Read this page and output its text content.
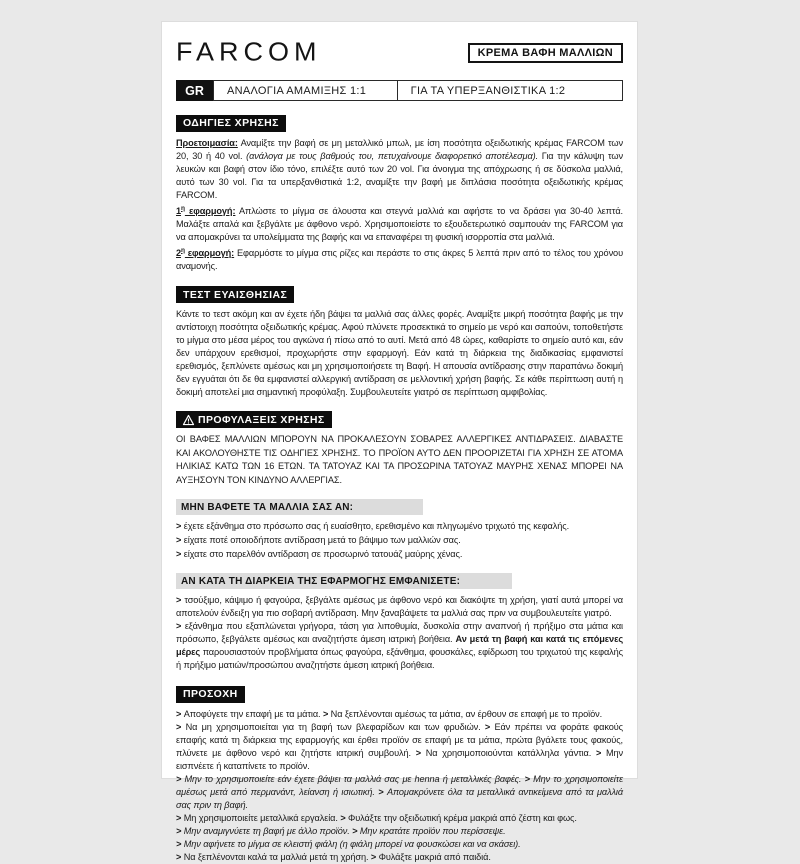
FARCOM	ΚΡΕΜΑ ΒΑΦΗ ΜΑΛΛΙΩΝ
GR	ΑΝΑΛΟΓΙΑ ΑΜΑΜΙΞΗΣ 1:1	ΓΙΑ ΤΑ ΥΠΕΡΞΑΝΘΙΣΤΙΚΑ 1:2
ΟΔΗΓΙΕΣ ΧΡΗΣΗΣ

Προετοιμασία: Αναμίξτε την βαφή σε μη μεταλλικό μπωλ, με ίση ποσότητα οξειδωτικής κρέμας FARCOM των 20, 30 ή 40 vol. (ανάλογα με τους βαθμούς του, πετυχαίνουμε διαφορετικό αποτέλεσμα). Για την κάλυψη των λευκών και βαφή στον ίδιο τόνο, επιλέξτε αυτό των 20 vol. Για άνοιγμα της απόχρωσης ή σε δύσκολα μαλλιά, αυτό των 30 vol. Για τα υπερξανθιστικά 1:2, αναμίξτε την βαφή με διπλάσια ποσότητα οξειδωτικής κρέμας FARCOM.

$1^\eta$ εφαρμογή: Απλώστε το μίγμα σε άλουστα και στεγνά μαλλιά και αφήστε το να δράσει για 30-40 λεπτά. Μαλάξτε απαλά και ξεβγάλτε με άφθονο νερό. Χρησιμοποιείστε το εξουδετερωτικό σαμπουάν της FARCOM για να απομακρύνει τα υπολείμματα της βαφής και να επαναφέρει τη φυσική ισορροπία στα μαλλιά.

$2^\eta$ εφαρμογή: Εφαρμόστε το μίγμα στις ρίζες και περάστε το στις άκρες 5 λεπτά πριν από το τέλος του χρόνου αναμονής.

ΤΕΣΤ ΕΥΑΙΣΘΗΣΙΑΣ

Κάντε το τεστ ακόμη και αν έχετε ήδη βάψει τα μαλλιά σας άλλες φορές. Αναμίξτε μικρή ποσότητα βαφής με την αντίστοιχη ποσότητα οξειδωτικής κρέμας. Αφού πλύνετε προσεκτικά το σημείο με νερό και σαπούνι, τοποθετήστε το μίγμα στο μέσα μέρος του αγκώνα ή πίσω από το αυτί. Μετά από 48 ώρες, καθαρίστε το σημείο αυτό και, εάν δεν υπάρχουν ερεθισμοί, προχωρήστε στην εφαρμογή. Εάν κατά τη διάρκεια της διαδικασίας εμφανιστεί ερεθισμός, ξεπλύνετε αμέσως και μη χρησιμοποιήσετε τη Βαφή. Η απουσία αντίδρασης στην παραπάνω δοκιμή δεν εγγυάται ότι δε θα εμφανιστεί αλλεργική αντίδραση σε μελλοντική χρήση βαφής. Σε κάθε περίπτωση αυτή η δοκιμή αποτελεί μια σημαντική προφύλαξη. Συμβουλευτείτε γιατρό σε περίπτωση αμφιβολίας.

ΠΡΟΦΥΛΑΞΕΙΣ ΧΡΗΣΗΣ

ΟΙ ΒΑΦΕΣ ΜΑΛΛΙΩΝ ΜΠΟΡΟΥΝ ΝΑ ΠΡΟΚΑΛΕΣΟΥΝ ΣΟΒΑΡΕΣ ΑΛΛΕΡΓΙΚΕΣ ΑΝΤΙΔΡΑΣΕΙΣ. ΔΙΑΒΑΣΤΕ ΚΑΙ ΑΚΟΛΟΥΘΗΣΤΕ ΤΙΣ ΟΔΗΓΙΕΣ ΧΡΗΣΗΣ. ΤΟ ΠΡΟΪΟΝ ΑΥΤΟ ΔΕΝ ΠΡΟΟΡΙΖΕΤΑΙ ΓΙΑ ΧΡΗΣΗ ΣΕ ΑΤΟΜΑ ΗΛΙΚΙΑΣ ΚΑΤΩ ΤΩΝ 16 ΕΤΩΝ. ΤΑ ΤΑΤΟΥΑΖ ΚΑΙ ΤΑ ΠΡΟΣΩΡΙΝΑ ΤΑΤΟΥΑΖ ΜΑΥΡΗΣ ΧΕΝΑΣ ΜΠΟΡΕΙ ΝΑ ΑΥΞΗΣΟΥΝ ΤΟΝ ΚΙΝΔΥΝΟ ΑΛΛΕΡΓΙΑΣ.

ΜΗΝ ΒΑΦΕΤΕ ΤΑ ΜΑΛΛΙΑ ΣΑΣ ΑΝ:

> έχετε εξάνθημα στο πρόσωπο σας ή ευαίσθητο, ερεθισμένο και πληγωμένο τριχωτό της κεφαλής.

> είχατε ποτέ οποιοδήποτε αντίδραση μετά το βάψιμο των μαλλιών σας.

> είχατε στο παρελθόν αντίδραση σε προσωρινό τατουάζ μαύρης χένας.

ΑΝ ΚΑΤΑ ΤΗ ΔΙΑΡΚΕΙΑ ΤΗΣ ΕΦΑΡΜΟΓΗΣ ΕΜΦΑΝΙΣΕΤΕ:

> τσούξιμο, κάψιμο ή φαγούρα, ξεβγάλτε αμέσως με άφθονο νερό και διακόψτε τη χρήση, γιατί αυτά μπορεί να αποτελούν ένδειξη για πιο σοβαρή αντίδραση. Μην ξαναβάψετε τα μαλλιά σας πριν να συμβουλευτείτε γιατρό.

> εξάνθημα που εξαπλώνεται γρήγορα, τάση για λιποθυμία, δυσκολία στην αναπνοή ή πρήξιμο στα μάτια και πρόσωπο, ξεβγάλετε αμέσως και αναζητήστε άμεση ιατρική βοήθεια. Αν μετά τη βαφή και κατά τις επόμενες μέρες παρουσιαστούν προβλήματα όπως φαγούρα, εξάνθημα, φουσκάλες, εφίδρωση του τριχωτού της κεφαλής ή πρήξιμο ματιών/προσώπου αναζητήστε άμεση ιατρική βοήθεια.

ΠΡΟΣΟΧΗ

> Αποφύγετε την επαφή με τα μάτια. > Να ξεπλένονται αμέσως τα μάτια, αν έρθουν σε επαφή με το προϊόν.

> Να μη χρησιμοποιείται για τη βαφή των βλεφαρίδων και των φρυδιών. > Εάν πρέπει να φοράτε φακούς επαφής κατά τη διάρκεια της εφαρμογής και έρθει προϊόν σε επαφή με τα μάτια, πρώτα βγάλετε τους φακούς, πλύνετε με άφθονο νερό και ζητήστε ιατρική συμβουλή. > Να χρησιμοποιούνται κατάλληλα γάντια. > Μην εισπνέετε ή καταπίνετε το προϊόν.

> Μην το χρησιμοποιείτε εάν έχετε βάψει τα μαλλιά σας με henna ή μεταλλικές βαφές. > Μην το χρησιμοποιείτε αμέσως μετά από περμανάντ, λείανση ή ισιωτική. > Απομακρύνετε όλα τα μεταλλικά αντικείμενα από τα μαλλιά σας πριν τη βαφή.

> Μη χρησιμοποιείτε μεταλλικά εργαλεία. > Φυλάξτε την οξειδωτική κρέμα μακριά από ζέστη και φως.

> Μην αναμιγνύετε τη βαφή με άλλο προϊόν. > Μην κρατάτε προϊόν που περίσσεψε.

> Μην αφήνετε το μίγμα σε κλειστή φιάλη (η φιάλη μπορεί να φουσκώσει και να σκάσει).

> Να ξεπλένονται καλά τα μαλλιά μετά τη χρήση. > Φυλάξτε μακριά από παιδιά.
